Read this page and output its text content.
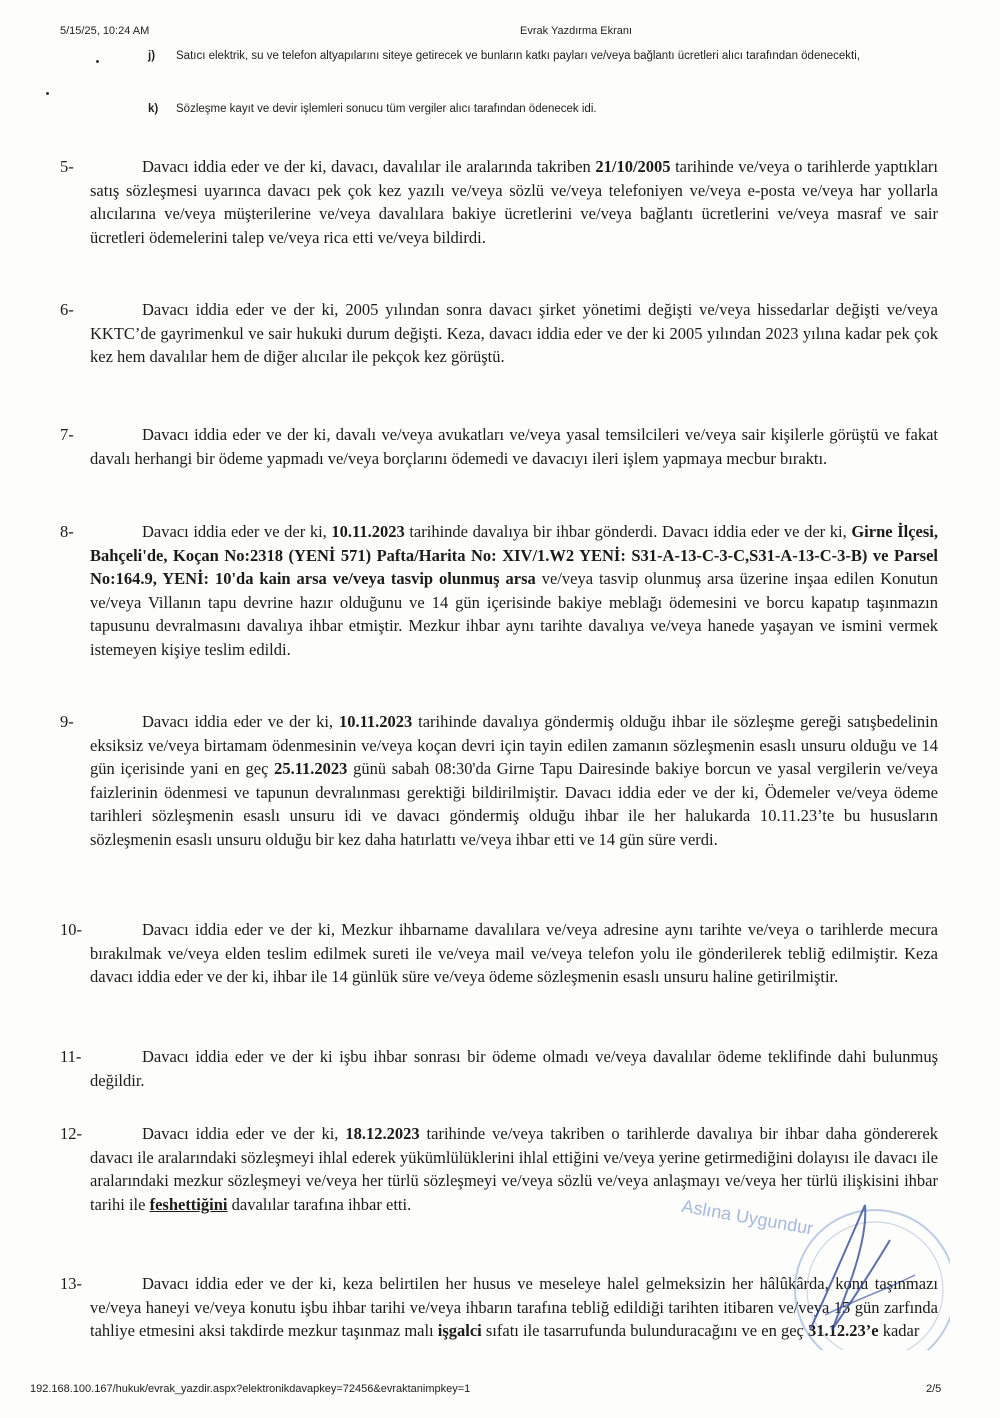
5/15/25, 10:24 AM	Evrak Yazdırma Ekranı
j) Satıcı elektrik, su ve telefon altyapılarını siteye getirecek ve bunların katkı payları ve/veya bağlantı ücretleri alıcı tarafından ödenecekti,
k) Sözleşme kayıt ve devir işlemleri sonucu tüm vergiler alıcı tarafından ödenecek idi.
5-	Davacı iddia eder ve der ki, davacı, davalılar ile aralarında takriben 21/10/2005 tarihinde ve/veya o tarihlerde yaptıkları satış sözleşmesi uyarınca davacı pek çok kez yazılı ve/veya sözlü ve/veya telefoniyen ve/veya e-posta ve/veya har yollarla alıcılarına ve/veya müşterilerine ve/veya davalılara bakiye ücretlerini ve/veya bağlantı ücretlerini ve/veya masraf ve sair ücretleri ödemelerini talep ve/veya rica etti ve/veya bildirdi.
6-	Davacı iddia eder ve der ki, 2005 yılından sonra davacı şirket yönetimi değişti ve/veya hissedarlar değişti ve/veya KKTC’de gayrimenkul ve sair hukuki durum değişti. Keza, davacı iddia eder ve der ki 2005 yılından 2023 yılına kadar pek çok kez hem davalılar hem de diğer alıcılar ile pekçok kez görüştü.
7-	Davacı iddia eder ve der ki, davalı ve/veya avukatları ve/veya yasal temsilcileri ve/veya sair kişilerle görüştü ve fakat davalı herhangi bir ödeme yapmadı ve/veya borçlarını ödemedi ve davacıyı ileri işlem yapmaya mecbur bıraktı.
8-	Davacı iddia eder ve der ki, 10.11.2023 tarihinde davalıya bir ihbar gönderdi. Davacı iddia eder ve der ki, Girne İlçesi, Bahçeli'de, Koçan No:2318 (YENİ 571) Pafta/Harita No: XIV/1.W2 YENİ: S31-A-13-C-3-C,S31-A-13-C-3-B) ve Parsel No:164.9, YENİ: 10'da kain arsa ve/veya tasvip olunmuş arsa ve/veya tasvip olunmuş arsa üzerine inşaa edilen Konutun ve/veya Villanın tapu devrine hazır olduğunu ve 14 gün içerisinde bakiye meblağı ödemesini ve borcu kapatıp taşınmazın tapusunu devralmasını davalıya ihbar etmiştir. Mezkur ihbar aynı tarihte davalıya ve/veya hanede yaşayan ve ismini vermek istemeyen kişiye teslim edildi.
9-	Davacı iddia eder ve der ki, 10.11.2023 tarihinde davalıya göndermiş olduğu ihbar ile sözleşme gereği satışbedelinin eksiksiz ve/veya birtamam ödenmesinin ve/veya koçan devri için tayin edilen zamanın sözleşmenin esaslı unsuru olduğu ve 14 gün içerisinde yani en geç 25.11.2023 günü sabah 08:30'da Girne Tapu Dairesinde bakiye borcun ve yasal vergilerin ve/veya faizlerinin ödenmesi ve tapunun devralınması gerektiği bildirilmiştir. Davacı iddia eder ve der ki, Ödemeler ve/veya ödeme tarihleri sözleşmenin esaslı unsuru idi ve davacı göndermiş olduğu ihbar ile her halukarda 10.11.23’te bu hususların sözleşmenin esaslı unsuru olduğu bir kez daha hatırlattı ve/veya ihbar etti ve 14 gün süre verdi.
10-	Davacı iddia eder ve der ki, Mezkur ihbarname davalılara ve/veya adresine aynı tarihte ve/veya o tarihlerde mecura bırakılmak ve/veya elden teslim edilmek sureti ile ve/veya mail ve/veya telefon yolu ile gönderilerek tebliğ edilmiştir. Keza davacı iddia eder ve der ki, ihbar ile 14 günlük süre ve/veya ödeme sözleşmenin esaslı unsuru haline getirilmiştir.
11-	Davacı iddia eder ve der ki işbu ihbar sonrası bir ödeme olmadı ve/veya davalılar ödeme teklifinde dahi bulunmuş değildir.
12-	Davacı iddia eder ve der ki, 18.12.2023 tarihinde ve/veya takriben o tarihlerde davalıya bir ihbar daha göndererek davacı ile aralarındaki sözleşmeyi ihlal ederek yükümlülüklerini ihlal ettiğini ve/veya yerine getirmediğini dolayısı ile davacı ile aralarındaki mezkur sözleşmeyi ve/veya her türlü sözleşmeyi ve/veya sözlü ve/veya anlaşmayı ve/veya her türlü ilişkisini ihbar tarihi ile feshettiğini davalılar tarafına ihbar etti.
13-	Davacı iddia eder ve der ki, keza belirtilen her husus ve meseleye halel gelmeksizin her hâlûkârda, konu taşınmazı ve/veya haneyi ve/veya konutu işbu ihbar tarihi ve/veya ihbarın tarafına tebliğ edildiği tarihten itibaren ve/veya 15 gün zarfında tahliye etmesini aksi takdirde mezkur taşınmaz malı işgalci sıfatı ile tasarrufunda bulunduracağını ve en geç 31.12.23’e kadar
Aslına Uygundur
192.168.100.167/hukuk/evrak_yazdir.aspx?elektronikdavapkey=72456&evraktanimpkey=1	2/5
